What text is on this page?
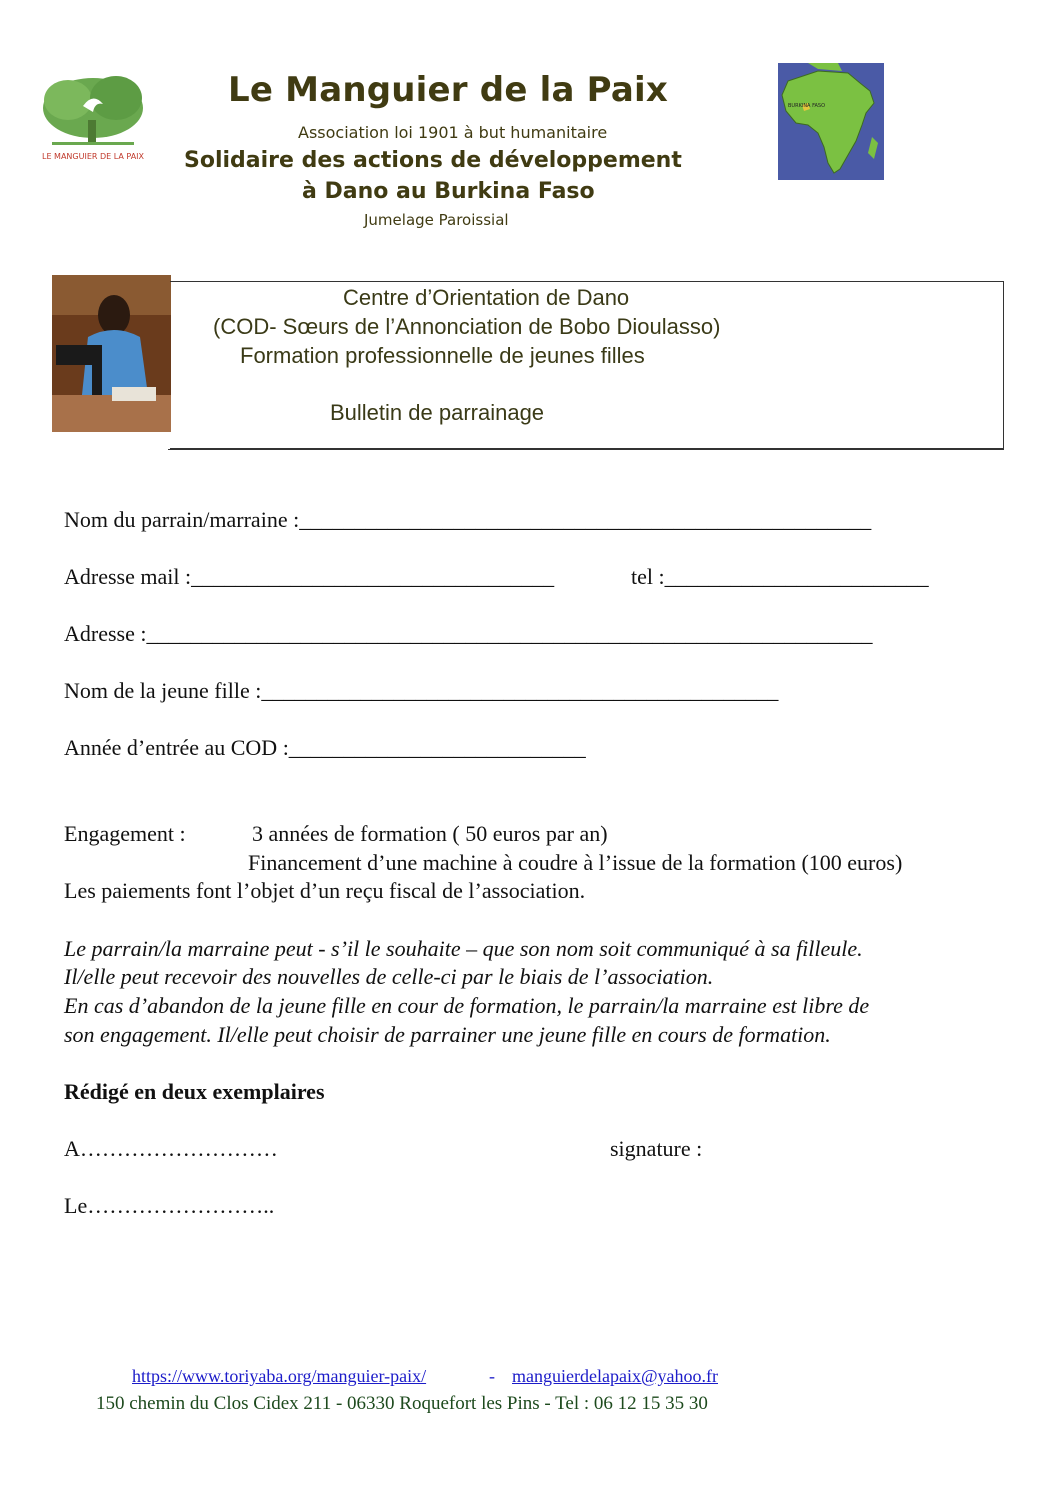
LE MANGUIER DE LA PAIX
Le Manguier de la Paix
Association loi 1901 à but humanitaire
Solidaire des actions de développement
à Dano au Burkina Faso
Jumelage Paroissial
BURKINA FASO
Centre d’Orientation de Dano
(COD- Sœurs de l’Annonciation de Bobo Dioulasso)
Formation professionnelle de jeunes filles
Bulletin de parrainage
Nom du parrain/marraine :____________________________________________________
Adresse mail :_________________________________	tel :________________________
Adresse :__________________________________________________________________
Nom de la jeune fille :_______________________________________________
Année d’entrée au COD :___________________________
Engagement :	3 années de formation ( 50 euros par an)
Financement d’une machine à coudre à l’issue de la formation (100 euros)
Les paiements font l’objet d’un reçu fiscal de l’association.
Le parrain/la marraine peut - s’il le souhaite – que son nom soit communiqué à sa filleule.
Il/elle peut recevoir des nouvelles de celle-ci par le biais de l’association.
En cas d’abandon de la jeune fille en cour de formation, le parrain/la marraine est libre de
son engagement. Il/elle peut choisir de parrainer une jeune fille en cours de formation.
Rédigé en deux exemplaires
A………………………	signature :
Le……………………..
https://www.toriyaba.org/manguier-paix/	- manguierdelapaix@yahoo.fr
150 chemin du Clos Cidex 211 - 06330 Roquefort les Pins - Tel : 06 12 15 35 30
